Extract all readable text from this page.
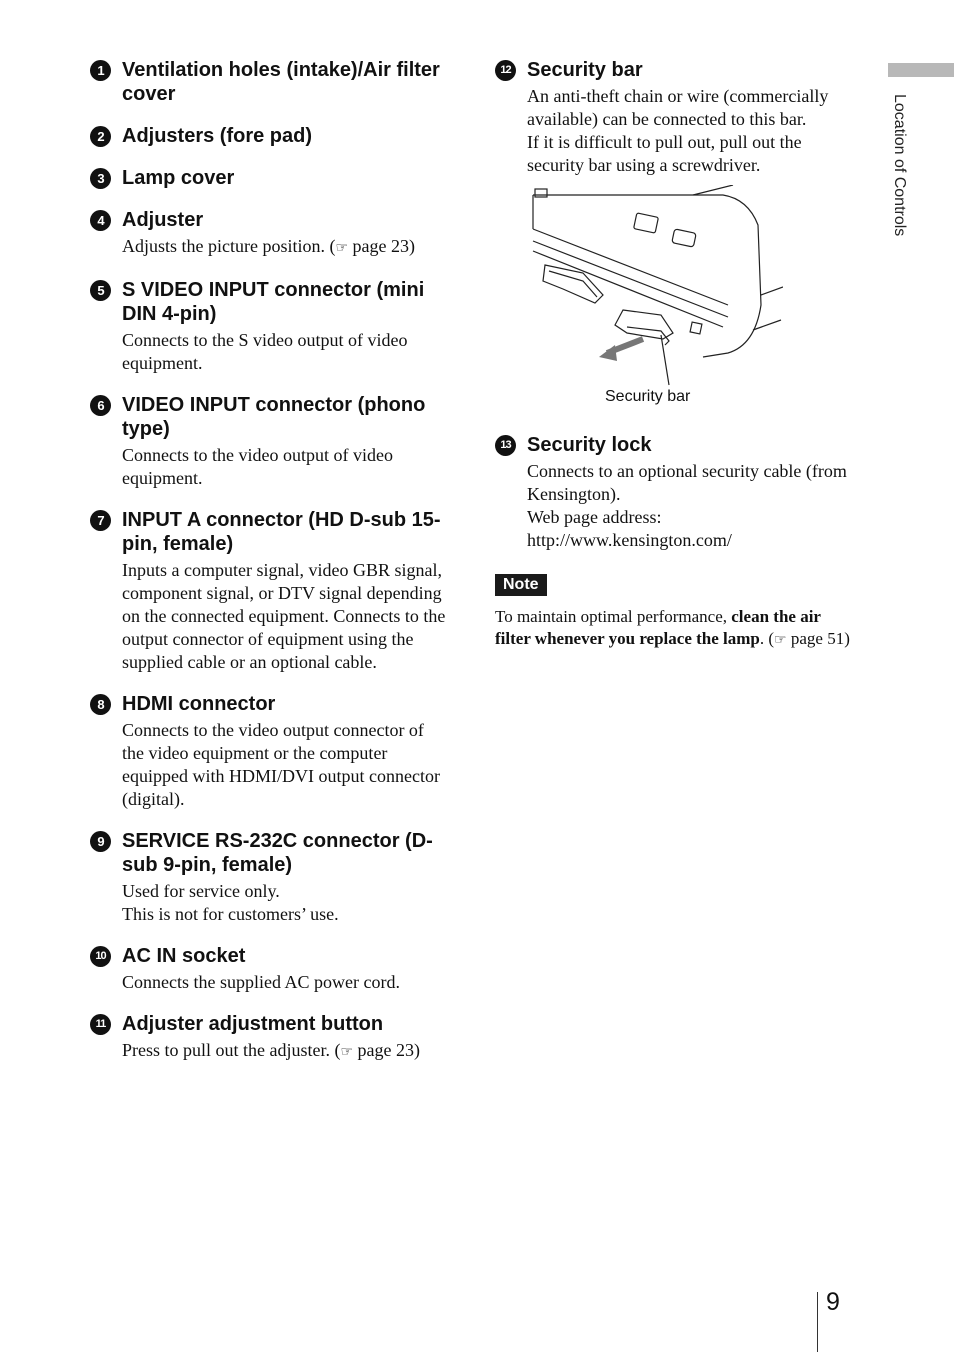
Location of Controls
1 Ventilation holes (intake)/Air filter cover
2 Adjusters (fore pad)
3 Lamp cover
4 Adjuster
Adjusts the picture position. (☞ page 23)
5 S VIDEO INPUT connector (mini DIN 4-pin)
Connects to the S video output of video equipment.
6 VIDEO INPUT connector (phono type)
Connects to the video output of video equipment.
7 INPUT A connector (HD D-sub 15-pin, female)
Inputs a computer signal, video GBR signal, component signal, or DTV signal depending on the connected equipment. Connects to the output connector of equipment using the supplied cable or an optional cable.
8 HDMI connector
Connects to the video output connector of the video equipment or the computer equipped with HDMI/DVI output connector (digital).
9 SERVICE RS-232C connector (D-sub 9-pin, female)
Used for service only.
This is not for customers’ use.
10 AC IN socket
Connects the supplied AC power cord.
11 Adjuster adjustment button
Press to pull out the adjuster. (☞ page 23)
12 Security bar
An anti-theft chain or wire (commercially available) can be connected to this bar.
If it is difficult to pull out, pull out the security bar using a screwdriver.
Security bar
13 Security lock
Connects to an optional security cable (from Kensington).
Web page address:
http://www.kensington.com/
Note
To maintain optimal performance, clean the air filter whenever you replace the lamp. (☞ page 51)
9
